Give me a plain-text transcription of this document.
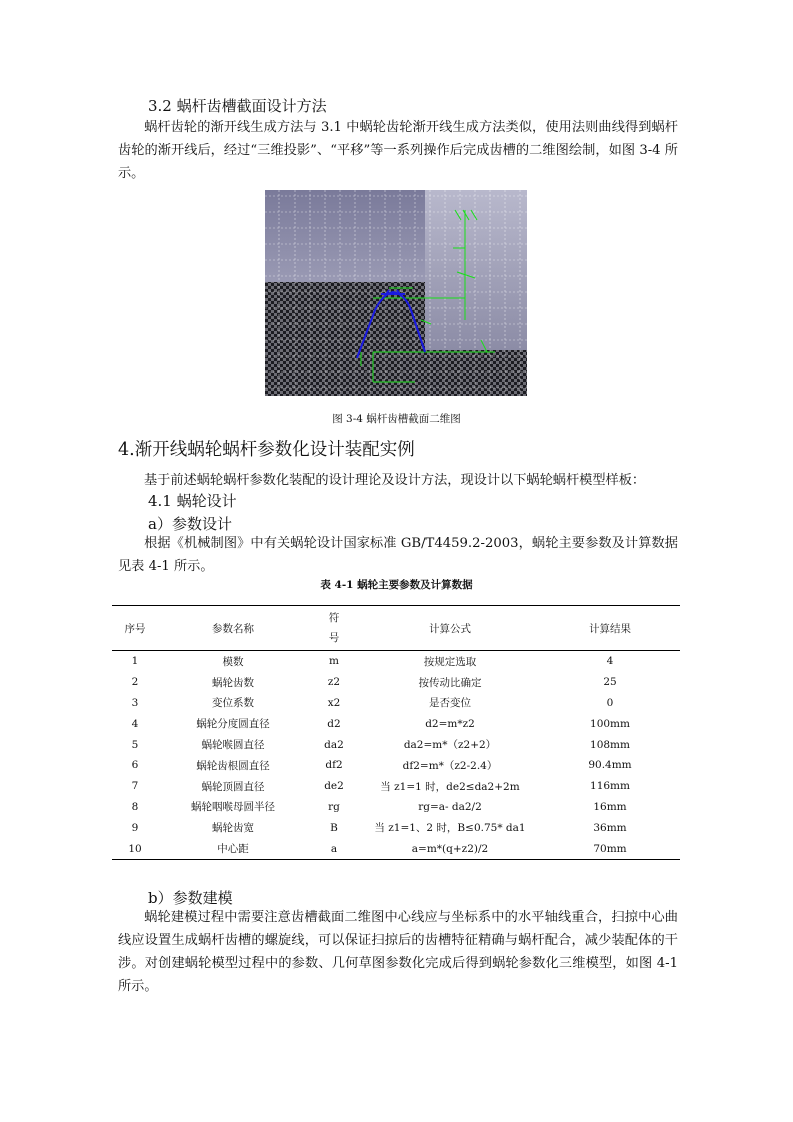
3.2 蜗杆齿槽截面设计方法
蜗杆齿轮的渐开线生成方法与 3.1 中蜗轮齿轮渐开线生成方法类似，使用法则曲线得到蜗杆齿轮的渐开线后，经过“三维投影”、“平移”等一系列操作后完成齿槽的二维图绘制，如图 3-4 所示。
图 3-4 蜗杆齿槽截面二维图
4.渐开线蜗轮蜗杆参数化设计装配实例
基于前述蜗轮蜗杆参数化装配的设计理论及设计方法，现设计以下蜗轮蜗杆模型样板：
4.1 蜗轮设计
a）参数设计
根据《机械制图》中有关蜗轮设计国家标准 GB/T4459.2-2003，蜗轮主要参数及计算数据见表 4-1 所示。
表 4-1 蜗轮主要参数及计算数据
序号	参数名称	符号	计算公式	计算结果
1	模数	m	按规定选取	4
2	蜗轮齿数	z2	按传动比确定	25
3	变位系数	x2	是否变位	0
4	蜗轮分度圆直径	d2	d2=m*z2	100mm
5	蜗轮喉圆直径	da2	da2=m*（z2+2）	108mm
6	蜗轮齿根圆直径	df2	df2=m*（z2-2.4）	90.4mm
7	蜗轮顶圆直径	de2	当 z1=1 时，de2≤da2+2m	116mm
8	蜗轮咽喉母圆半径	rg	rg=a- da2/2	16mm
9	蜗轮齿宽	B	当 z1=1、2 时，B≤0.75* da1	36mm
10	中心距	a	a=m*(q+z2)/2	70mm
b）参数建模
蜗轮建模过程中需要注意齿槽截面二维图中心线应与坐标系中的水平轴线重合，扫掠中心曲线应设置生成蜗杆齿槽的螺旋线，可以保证扫掠后的齿槽特征精确与蜗杆配合，减少装配体的干涉。对创建蜗轮模型过程中的参数、几何草图参数化完成后得到蜗轮参数化三维模型，如图 4-1 所示。
